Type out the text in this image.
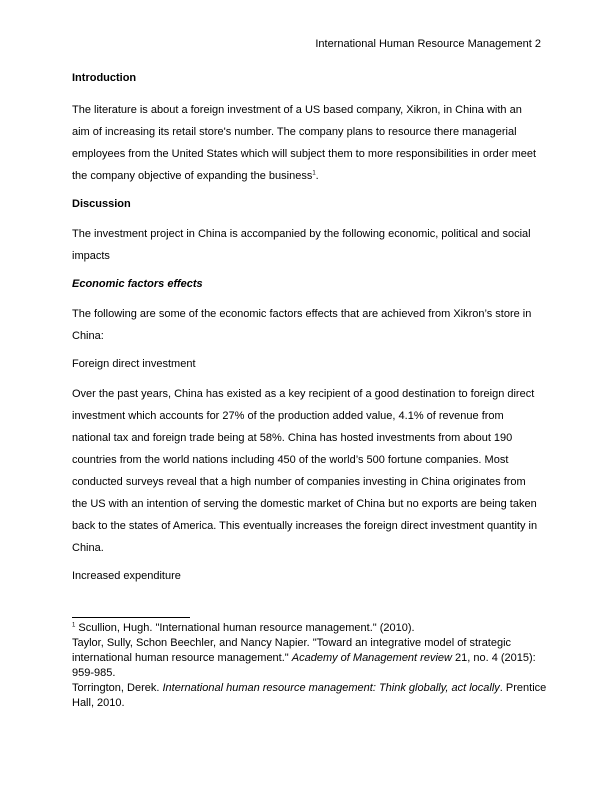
International Human Resource Management 2

Introduction

The literature is about a foreign investment of a US based company, Xikron, in China with an aim of increasing its retail store's number. The company plans to resource there managerial employees from the United States which will subject them to more responsibilities in order meet the company objective of expanding the business$^1$.

Discussion

The investment project in China is accompanied by the following economic, political and social impacts

Economic factors effects

The following are some of the economic factors effects that are achieved from Xikron’s store in China:

Foreign direct investment

Over the past years, China has existed as a key recipient of a good destination to foreign direct investment which accounts for 27% of the production added value, 4.1% of revenue from national tax and foreign trade being at 58%. China has hosted investments from about 190 countries from the world nations including 450 of the world’s 500 fortune companies. Most conducted surveys reveal that a high number of companies investing in China originates from the US with an intention of serving the domestic market of China but no exports are being taken back to the states of America. This eventually increases the foreign direct investment quantity in China.

Increased expenditure

$^1$ Scullion, Hugh. "International human resource management." (2010).

Taylor, Sully, Schon Beechler, and Nancy Napier. "Toward an integrative model of strategic international human resource management." Academy of Management review 21, no. 4 (2015): 959-985.

Torrington, Derek. International human resource management: Think globally, act locally. Prentice Hall, 2010.
